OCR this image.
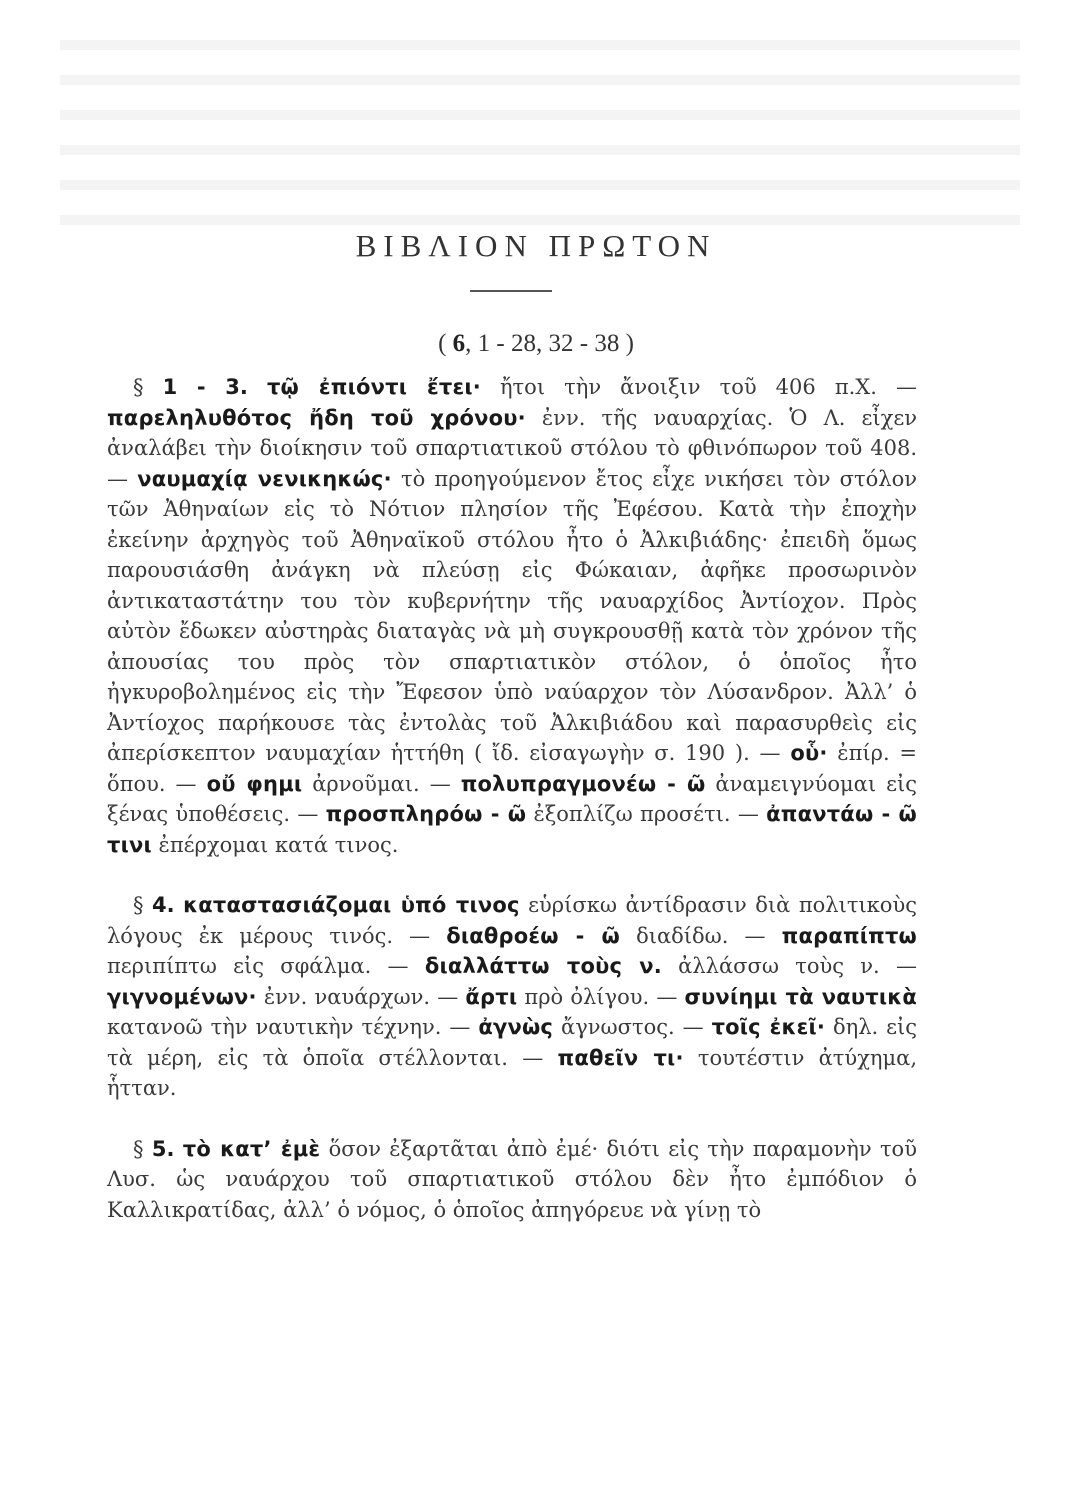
ΒΙΒΛΙΟΝ ΠΡΩΤΟΝ
( 6, 1 - 28, 32 - 38 )

§ 1 - 3. τῷ ἐπιόντι ἔτει· ἤτοι τὴν ἄνοιξιν τοῦ 406 π.Χ. — παρεληλυθότος ἤδη τοῦ χρόνου· ἐνν. τῆς ναυαρχίας. Ὁ Λ. εἶχεν ἀναλάβει τὴν διοίκησιν τοῦ σπαρτιατικοῦ στόλου τὸ φθινόπωρον τοῦ 408. — ναυμαχίᾳ νενικηκώς· τὸ προηγούμενον ἔτος εἶχε νικήσει τὸν στόλον τῶν Ἀθηναίων εἰς τὸ Νότιον πλησίον τῆς Ἐφέσου. Κατὰ τὴν ἐποχὴν ἐκείνην ἀρχηγὸς τοῦ Ἀθηναϊκοῦ στόλου ἦτο ὁ Ἀλκιβιάδης· ἐπειδὴ ὅμως παρουσιάσθη ἀνάγκη νὰ πλεύσῃ εἰς Φώκαιαν, ἀφῆκε προσωρινὸν ἀντικαταστάτην του τὸν κυβερνήτην τῆς ναυαρχίδος Ἀντίοχον. Πρὸς αὐτὸν ἔδωκεν αὐστηρὰς διαταγὰς νὰ μὴ συγκρουσθῇ κατὰ τὸν χρόνον τῆς ἀπουσίας του πρὸς τὸν σπαρτιατικὸν στόλον, ὁ ὁποῖος ἦτο ἠγκυροβολημένος εἰς τὴν Ἔφεσον ὑπὸ ναύαρχον τὸν Λύσανδρον. Ἀλλ’ ὁ Ἀντίοχος παρήκουσε τὰς ἐντολὰς τοῦ Ἀλκιβιάδου καὶ παρασυρθεὶς εἰς ἀπερίσκεπτον ναυμαχίαν ἡττήθη ( ἴδ. εἰσαγωγὴν σ. 190 ). — οὗ· ἐπίρ. = ὅπου. — οὔ φημι ἀρνοῦμαι. — πολυπραγμονέω - ῶ ἀναμειγνύομαι εἰς ξένας ὑποθέσεις. — προσπληρόω - ῶ ἐξοπλίζω προσέτι. — ἀπαντάω - ῶ τινι ἐπέρχομαι κατά τινος.

§ 4. καταστασιάζομαι ὑπό τινος εὑρίσκω ἀντίδρασιν διὰ πολιτικοὺς λόγους ἐκ μέρους τινός. — διαθροέω - ῶ διαδίδω. — παραπίπτω περιπίπτω εἰς σφάλμα. — διαλλάττω τοὺς ν. ἀλλάσσω τοὺς ν. — γιγνομένων· ἐνν. ναυάρχων. — ἄρτι πρὸ ὀλίγου. — συνίημι τὰ ναυτικὰ κατανοῶ τὴν ναυτικὴν τέχνην. — ἀγνὼς ἄγνωστος. — τοῖς ἐκεῖ· δηλ. εἰς τὰ μέρη, εἰς τὰ ὁποῖα στέλλονται. — παθεῖν τι· τουτέστιν ἀτύχημα, ἧτταν.

§ 5. τὸ κατ’ ἐμὲ ὅσον ἐξαρτᾶται ἀπὸ ἐμέ· διότι εἰς τὴν παραμονὴν τοῦ Λυσ. ὡς ναυάρχου τοῦ σπαρτιατικοῦ στόλου δὲν ἦτο ἐμπόδιον ὁ Καλλικρατίδας, ἀλλ’ ὁ νόμος, ὁ ὁποῖος ἀπηγόρευε νὰ γίνῃ τὸ
